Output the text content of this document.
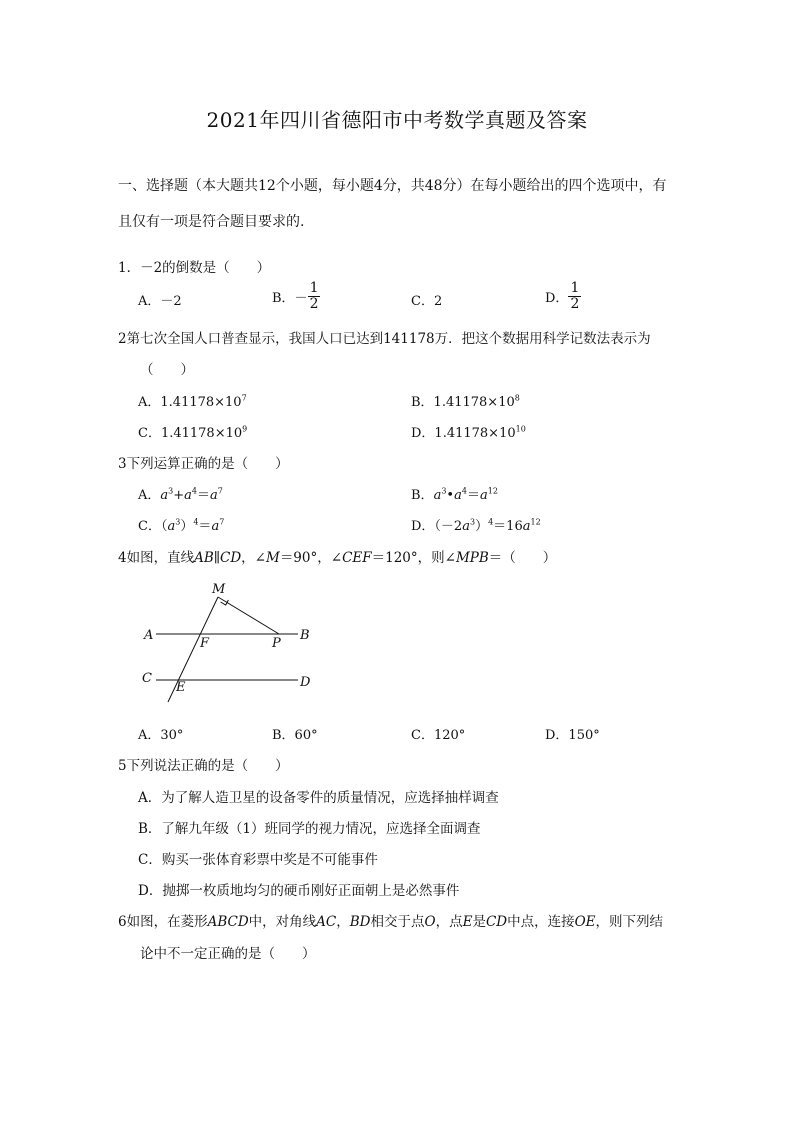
2021年四川省德阳市中考数学真题及答案
一、选择题（本大题共12个小题，每小题4分，共48分）在每小题给出的四个选项中，有
且仅有一项是符合题目要求的.
1．－2的倒数是（　　）
A．－2	B．－ $\frac{1}{2}$	C．2	D． $\frac{1}{2}$
2第七次全国人口普查显示，我国人口已达到141178万．把这个数据用科学记数法表示为
（　　）
A．$1.41178\times 10^7$	B．$1.41178\times 10^8$
C．$1.41178\times 10^9$	D．$1.41178\times 10^{10}$
3下列运算正确的是（　　）
A．$a^3+a^4=a^7$	B．$a^3•a^4=a^{12}$
C．$(a^3)^4=a^7$	D．$(-2a^3)^4=16a^{12}$
4如图，直线AB∥CD，∠M＝90°，∠CEF＝120°，则∠MPB＝（　　）
M
A	B
F	P
C	D
E
A．30°	B．60°	C．120°	D．150°
5下列说法正确的是（　　）
A．为了解人造卫星的设备零件的质量情况，应选择抽样调查
B．了解九年级（1）班同学的视力情况，应选择全面调查
C．购买一张体育彩票中奖是不可能事件
D．抛掷一枚质地均匀的硬币刚好正面朝上是必然事件
6如图，在菱形ABCD中，对角线AC，BD相交于点O，点E是CD中点，连接OE，则下列结
论中不一定正确的是（　　）
